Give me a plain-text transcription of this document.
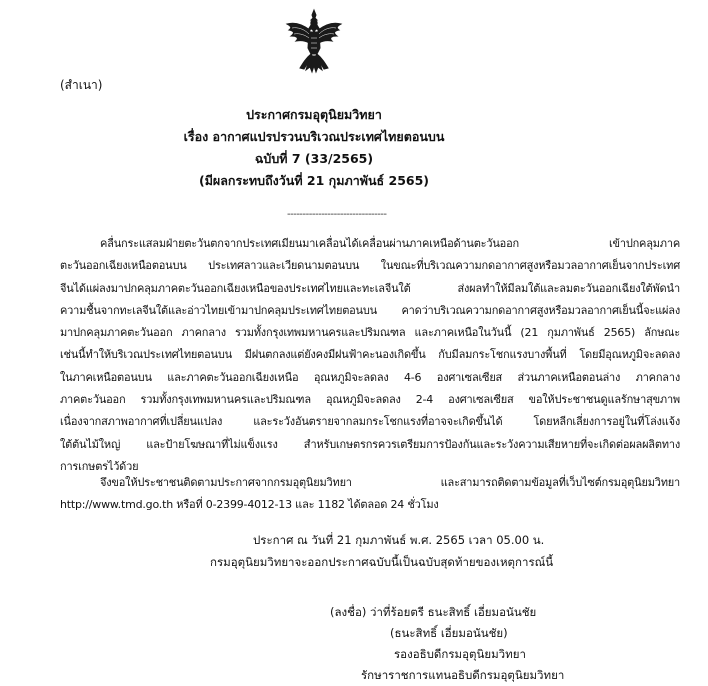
(สำเนา)
ประกาศกรมอุตุนิยมวิทยา
เรื่อง อากาศแปรปรวนบริเวณประเทศไทยตอนบน
ฉบับที่ 7 (33/2565)
(มีผลกระทบถึงวันที่ 21 กุมภาพันธ์ 2565)
--------------------------------
คลื่นกระแสลมฝ่ายตะวันตกจากประเทศเมียนมาเคลื่อนได้เคลื่อนผ่านภาคเหนือด้านตะวันออก เข้าปกคลุมภาค
ตะวันออกเฉียงเหนือตอนบน ประเทศลาวและเวียดนามตอนบน ในขณะที่บริเวณความกดอากาศสูงหรือมวลอากาศเย็นจากประเทศ
จีนได้แผ่ลงมาปกคลุมภาคตะวันออกเฉียงเหนือของประเทศไทยและทะเลจีนใต้ ส่งผลทำให้มีลมใต้และลมตะวันออกเฉียงใต้พัดนำ
ความชื้นจากทะเลจีนใต้และอ่าวไทยเข้ามาปกคลุมประเทศไทยตอนบน คาดว่าบริเวณความกดอากาศสูงหรือมวลอากาศเย็นนี้จะแผ่ลง
มาปกคลุมภาคตะวันออก ภาคกลาง รวมทั้งกรุงเทพมหานครและปริมณฑล และภาคเหนือในวันนี้ (21 กุมภาพันธ์ 2565) ลักษณะ
เช่นนี้ทำให้บริเวณประเทศไทยตอนบน มีฝนตกลงแต่ยังคงมีฝนฟ้าคะนองเกิดขึ้น กับมีลมกระโชกแรงบางพื้นที่ โดยมีอุณหภูมิจะลดลง
ในภาคเหนือตอนบน และภาคตะวันออกเฉียงเหนือ อุณหภูมิจะลดลง 4-6 องศาเซลเซียส ส่วนภาคเหนือตอนล่าง ภาคกลาง
ภาคตะวันออก รวมทั้งกรุงเทพมหานครและปริมณฑล อุณหภูมิจะลดลง 2-4 องศาเซลเซียส ขอให้ประชาชนดูแลรักษาสุขภาพ
เนื่องจากสภาพอากาศที่เปลี่ยนแปลง และระวังอันตรายจากลมกระโชกแรงที่อาจจะเกิดขึ้นได้ โดยหลีกเลี่ยงการอยู่ในที่โล่งแจ้ง
ใต้ต้นไม้ใหญ่ และป้ายโฆษณาที่ไม่แข็งแรง สำหรับเกษตรกรควรเตรียมการป้องกันและระวังความเสียหายที่จะเกิดต่อผลผลิตทาง
การเกษตรไว้ด้วย
จึงขอให้ประชาชนติดตามประกาศจากกรมอุตุนิยมวิทยา และสามารถติดตามข้อมูลที่เว็บไซต์กรมอุตุนิยมวิทยา
http://www.tmd.go.th หรือที่ 0-2399-4012-13 และ 1182 ได้ตลอด 24 ชั่วโมง
ประกาศ ณ วันที่ 21 กุมภาพันธ์ พ.ศ. 2565 เวลา 05.00 น.
กรมอุตุนิยมวิทยาจะออกประกาศฉบับนี้เป็นฉบับสุดท้ายของเหตุการณ์นี้
(ลงชื่อ) ว่าที่ร้อยตรี ธนะสิทธิ์ เอี่ยมอนันชัย
(ธนะสิทธิ์ เอี่ยมอนันชัย)
รองอธิบดีกรมอุตุนิยมวิทยา
รักษาราชการแทนอธิบดีกรมอุตุนิยมวิทยา
